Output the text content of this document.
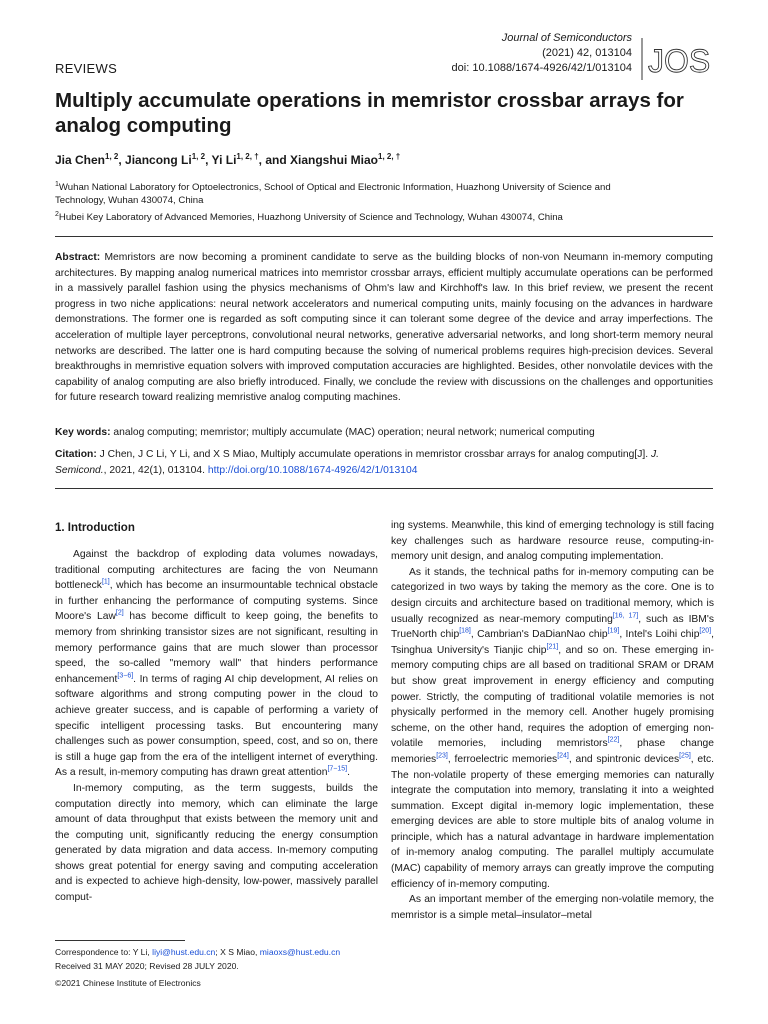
Journal of Semiconductors
(2021) 42, 013104
doi: 10.1088/1674-4926/42/1/013104 JOS
REVIEWS
Multiply accumulate operations in memristor crossbar arrays for analog computing
Jia Chen$^{1, 2}$, Jiancong Li$^{1, 2}$, Yi $Li^{1, 2, \dagger}$, and Xiangshui Miao$^{1, 2, \dagger}$
$^1$Wuhan National Laboratory for Optoelectronics, School of Optical and Electronic Information, Huazhong University of Science and Technology, Wuhan 430074, China
$^2$Hubei Key Laboratory of Advanced Memories, Huazhong University of Science and Technology, Wuhan 430074, China

Abstract: Memristors are now becoming a prominent candidate to serve as the building blocks of non-von Neumann in-memory computing architectures. By mapping analog numerical matrices into memristor crossbar arrays, efficient multiply accumulate operations can be performed in a massively parallel fashion using the physics mechanisms of Ohm's law and Kirchhoff's law. In this brief review, we present the recent progress in two niche applications: neural network accelerators and numerical computing units, mainly focusing on the advances in hardware demonstrations. The former one is regarded as soft computing since it can tolerant some degree of the device and array imperfections. The acceleration of multiple layer perceptrons, convolutional neural networks, generative adversarial networks, and long short-term memory neural networks are described. The latter one is hard computing because the solving of numerical problems requires high-precision devices. Several breakthroughs in memristive equation solvers with improved computation accuracies are highlighted. Besides, other nonvolatile devices with the capability of analog computing are also briefly introduced. Finally, we conclude the review with discussions on the challenges and opportunities for future research toward realizing memristive analog computing machines.

Key words: analog computing; memristor; multiply accumulate (MAC) operation; neural network; numerical computing

Citation: J Chen, J C Li, Y Li, and X S Miao, Multiply accumulate operations in memristor crossbar arrays for analog computing[J]. J. Semicond., 2021, 42(1), 013104. http://doi.org/10.1088/1674-4926/42/1/013104

1. Introduction

Against the backdrop of exploding data volumes nowadays, traditional computing architectures are facing the von Neumann bottleneck[1], which has become an insurmountable technical obstacle in further enhancing the performance of computing systems. Since Moore's Law[2] has become difficult to keep going, the benefits to memory from shrinking transistor sizes are not significant, resulting in memory performance gains that are much slower than processor speed, the so-called "memory wall" that hinders performance enhancement[3−6]. In terms of raging AI chip development, AI relies on software algorithms and strong computing power in the cloud to achieve greater success, and is capable of performing a variety of specific intelligent processing tasks. But encountering many challenges such as power consumption, speed, cost, and so on, there is still a huge gap from the era of the intelligent internet of everything. As a result, in-memory computing has drawn great attention[7−15].

In-memory computing, as the term suggests, builds the computation directly into memory, which can eliminate the large amount of data throughput that exists between the memory unit and the computing unit, significantly reducing the energy consumption generated by data migration and data access. In-memory computing shows great potential for energy saving and computing acceleration and is expected to achieve high-density, low-power, massively parallel comput-

ing systems. Meanwhile, this kind of emerging technology is still facing key challenges such as hardware resource reuse, computing-in-memory unit design, and analog computing implementation.

As it stands, the technical paths for in-memory computing can be categorized in two ways by taking the memory as the core. One is to design circuits and architecture based on traditional memory, which is usually recognized as near-memory computing[16, 17], such as IBM's TrueNorth chip[18], Cambrian's DaDianNao chip[19], Intel's Loihi chip[20], Tsinghua University's Tianjic chip[21], and so on. These emerging in-memory computing chips are all based on traditional SRAM or DRAM but show great improvement in energy efficiency and computing power. Strictly, the computing of traditional volatile memories is not physically performed in the memory cell. Another hugely promising scheme, on the other hand, requires the adoption of emerging non-volatile memories, including memristors[22], phase change memories[23], ferroelectric memories[24], and spintronic devices[25], etc. The non-volatile property of these emerging memories can naturally integrate the computation into memory, translating it into a weighted summation. Except digital in-memory logic implementation, these emerging devices are able to store multiple bits of analog volume in principle, which has a natural advantage in hardware implementation of in-memory analog computing. The parallel multiply accumulate (MAC) capability of memory arrays can greatly improve the computing efficiency of in-memory computing.

As an important member of the emerging non-volatile memory, the memristor is a simple metal–insulator–metal

Correspondence to: Y Li, liyi@hust.edu.cn; X S Miao, miaoxs@hust.edu.cn
Received 31 MAY 2020; Revised 28 JULY 2020.
©2021 Chinese Institute of Electronics
